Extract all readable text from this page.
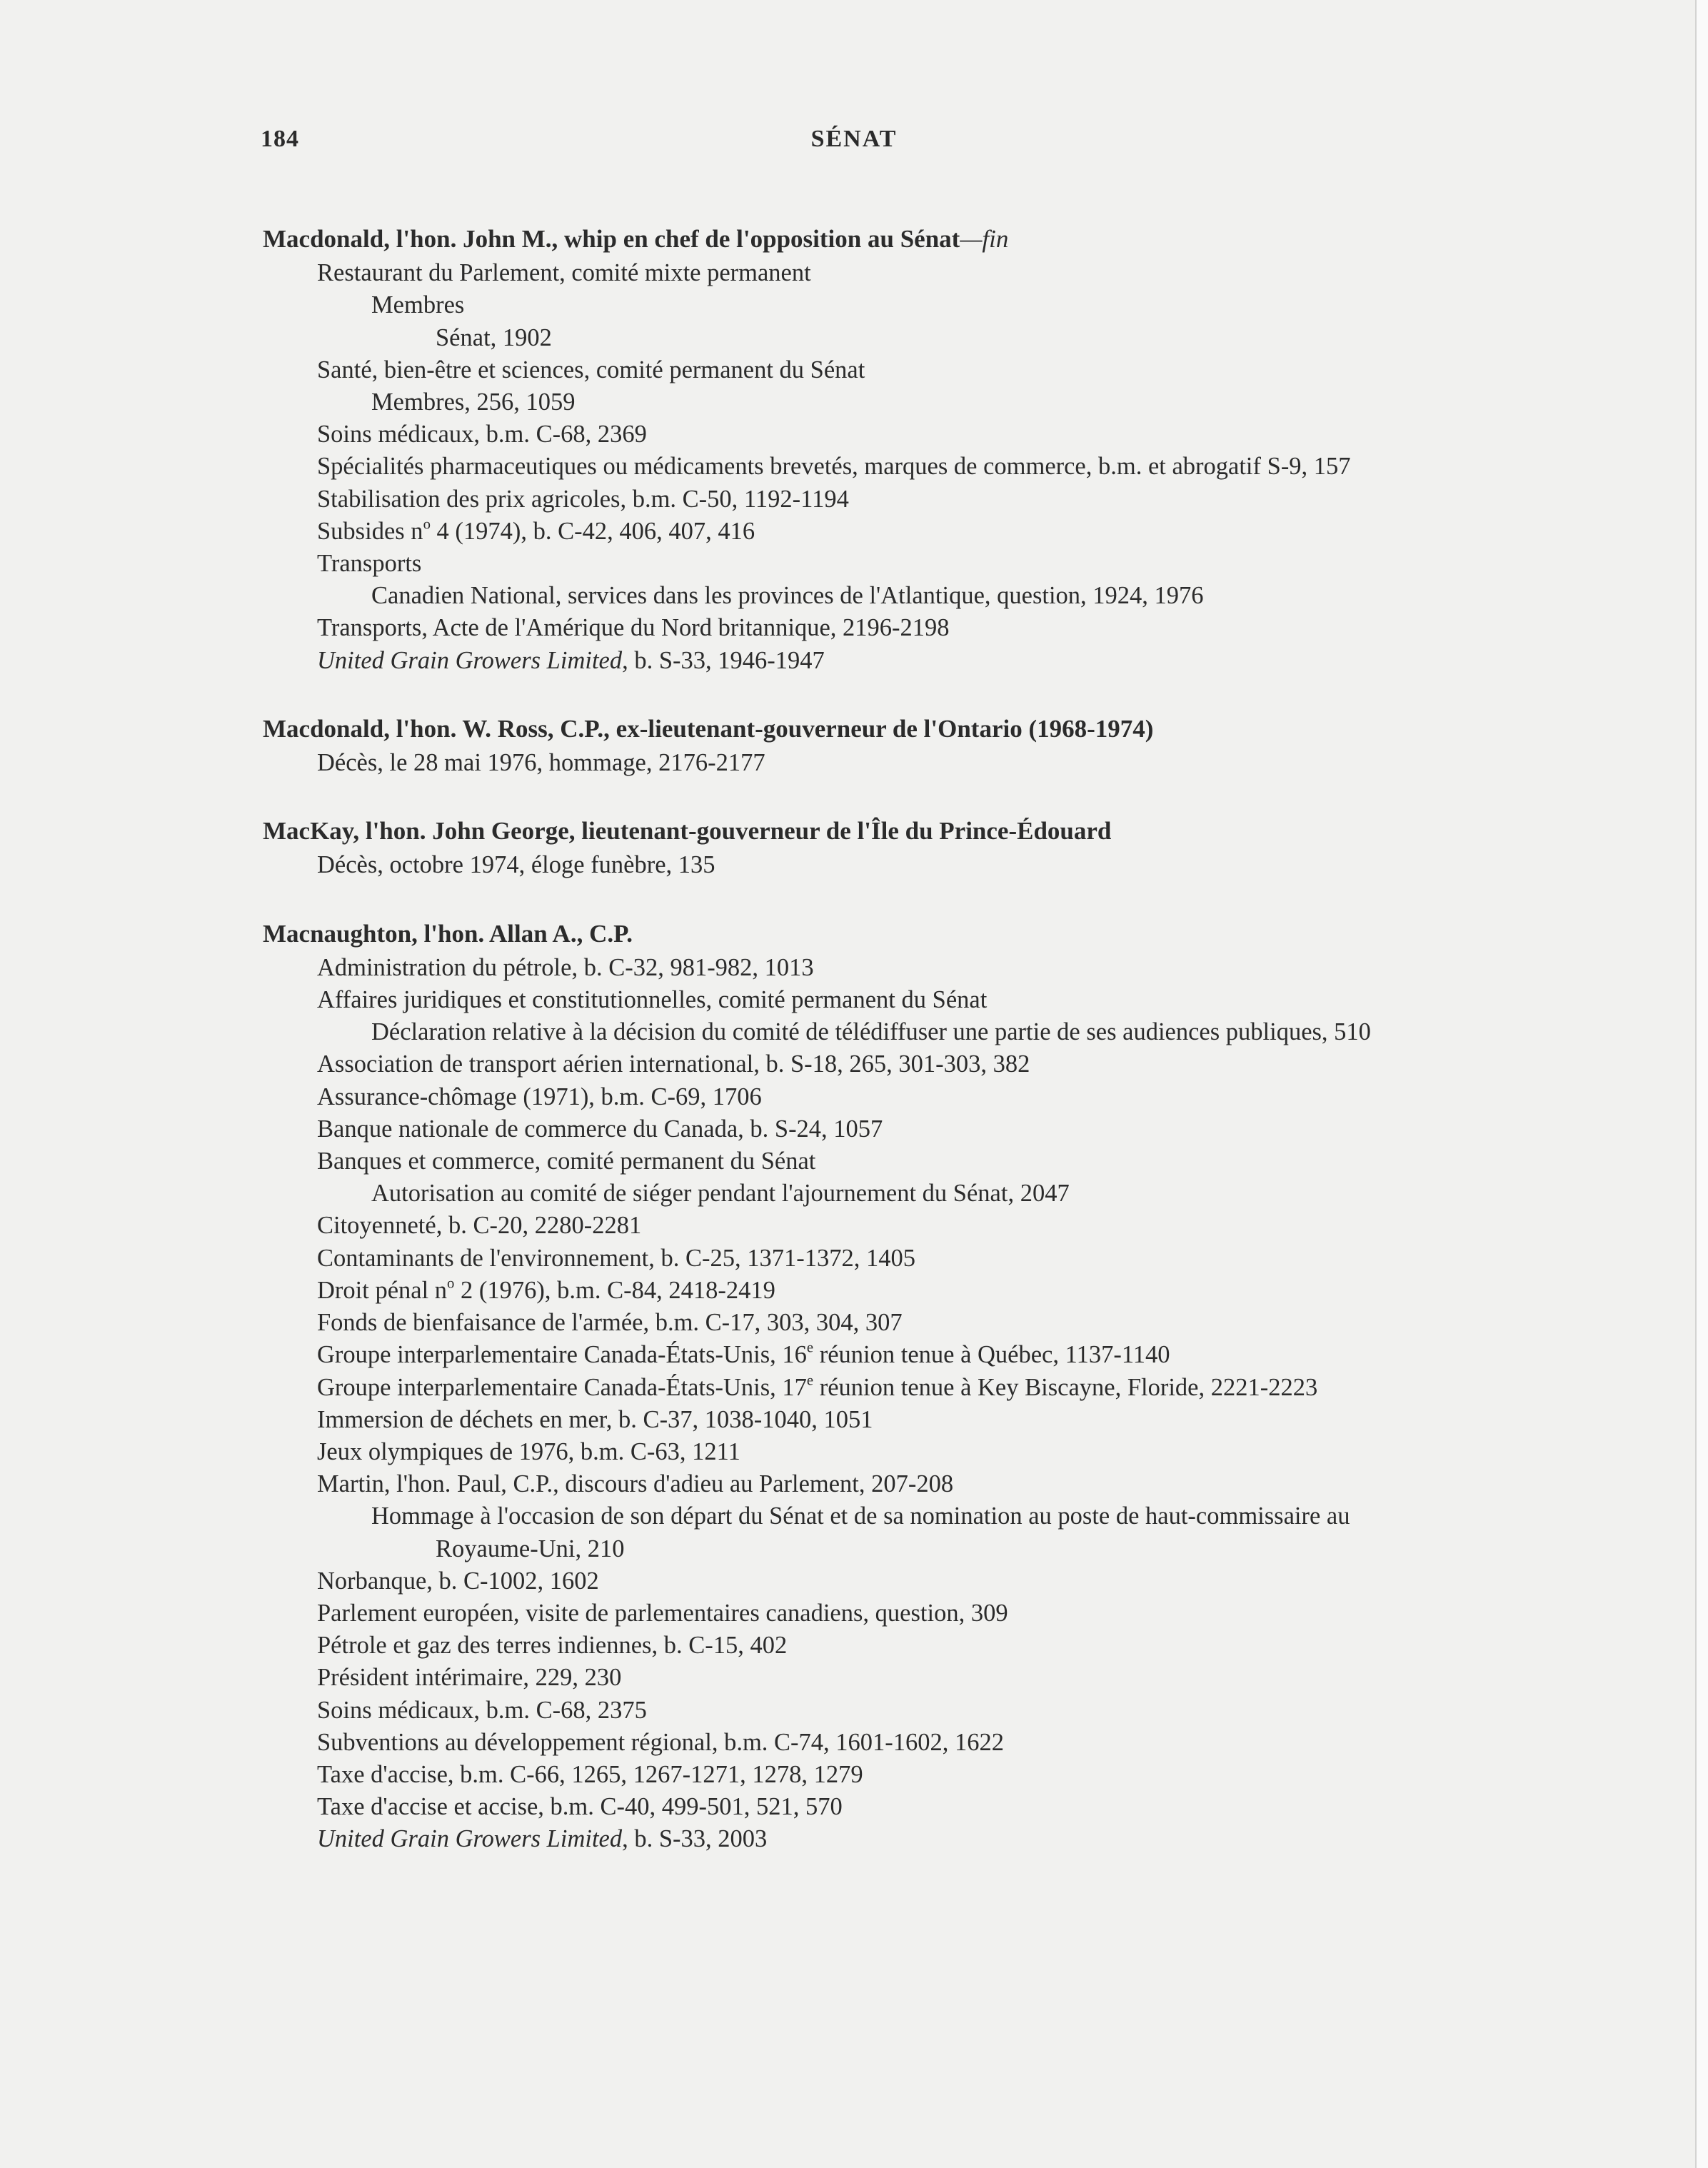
184	SÉNAT
Macdonald, l'hon. John M., whip en chef de l'opposition au Sénat—fin
Restaurant du Parlement, comité mixte permanent
Membres
Sénat, 1902
Santé, bien-être et sciences, comité permanent du Sénat
Membres, 256, 1059
Soins médicaux, b.m. C-68, 2369
Spécialités pharmaceutiques ou médicaments brevetés, marques de commerce, b.m. et abrogatif S-9, 157
Stabilisation des prix agricoles, b.m. C-50, 1192-1194
Subsides $n^o$ 4 (1974), b. C-42, 406, 407, 416
Transports
Canadien National, services dans les provinces de l'Atlantique, question, 1924, 1976
Transports, Acte de l'Amérique du Nord britannique, 2196-2198
United Grain Growers Limited, b. S-33, 1946-1947
Macdonald, l'hon. W. Ross, C.P., ex-lieutenant-gouverneur de l'Ontario (1968-1974)
Décès, le 28 mai 1976, hommage, 2176-2177
MacKay, l'hon. John George, lieutenant-gouverneur de l'Île du Prince-Édouard
Décès, octobre 1974, éloge funèbre, 135
Macnaughton, l'hon. Allan A., C.P.
Administration du pétrole, b. C-32, 981-982, 1013
Affaires juridiques et constitutionnelles, comité permanent du Sénat
Déclaration relative à la décision du comité de télédiffuser une partie de ses audiences publiques, 510
Association de transport aérien international, b. S-18, 265, 301-303, 382
Assurance-chômage (1971), b.m. C-69, 1706
Banque nationale de commerce du Canada, b. S-24, 1057
Banques et commerce, comité permanent du Sénat
Autorisation au comité de siéger pendant l'ajournement du Sénat, 2047
Citoyenneté, b. C-20, 2280-2281
Contaminants de l'environnement, b. C-25, 1371-1372, 1405
Droit pénal $n^o$ 2 (1976), b.m. C-84, 2418-2419
Fonds de bienfaisance de l'armée, b.m. C-17, 303, 304, 307
Groupe interparlementaire Canada-États-Unis, 16e réunion tenue à Québec, 1137-1140
Groupe interparlementaire Canada-États-Unis, 17e réunion tenue à Key Biscayne, Floride, 2221-2223
Immersion de déchets en mer, b. C-37, 1038-1040, 1051
Jeux olympiques de 1976, b.m. C-63, 1211
Martin, l'hon. Paul, C.P., discours d'adieu au Parlement, 207-208
Hommage à l'occasion de son départ du Sénat et de sa nomination au poste de haut-commissaire au
Royaume-Uni, 210
Norbanque, b. C-1002, 1602
Parlement européen, visite de parlementaires canadiens, question, 309
Pétrole et gaz des terres indiennes, b. C-15, 402
Président intérimaire, 229, 230
Soins médicaux, b.m. C-68, 2375
Subventions au développement régional, b.m. C-74, 1601-1602, 1622
Taxe d'accise, b.m. C-66, 1265, 1267-1271, 1278, 1279
Taxe d'accise et accise, b.m. C-40, 499-501, 521, 570
United Grain Growers Limited, b. S-33, 2003
